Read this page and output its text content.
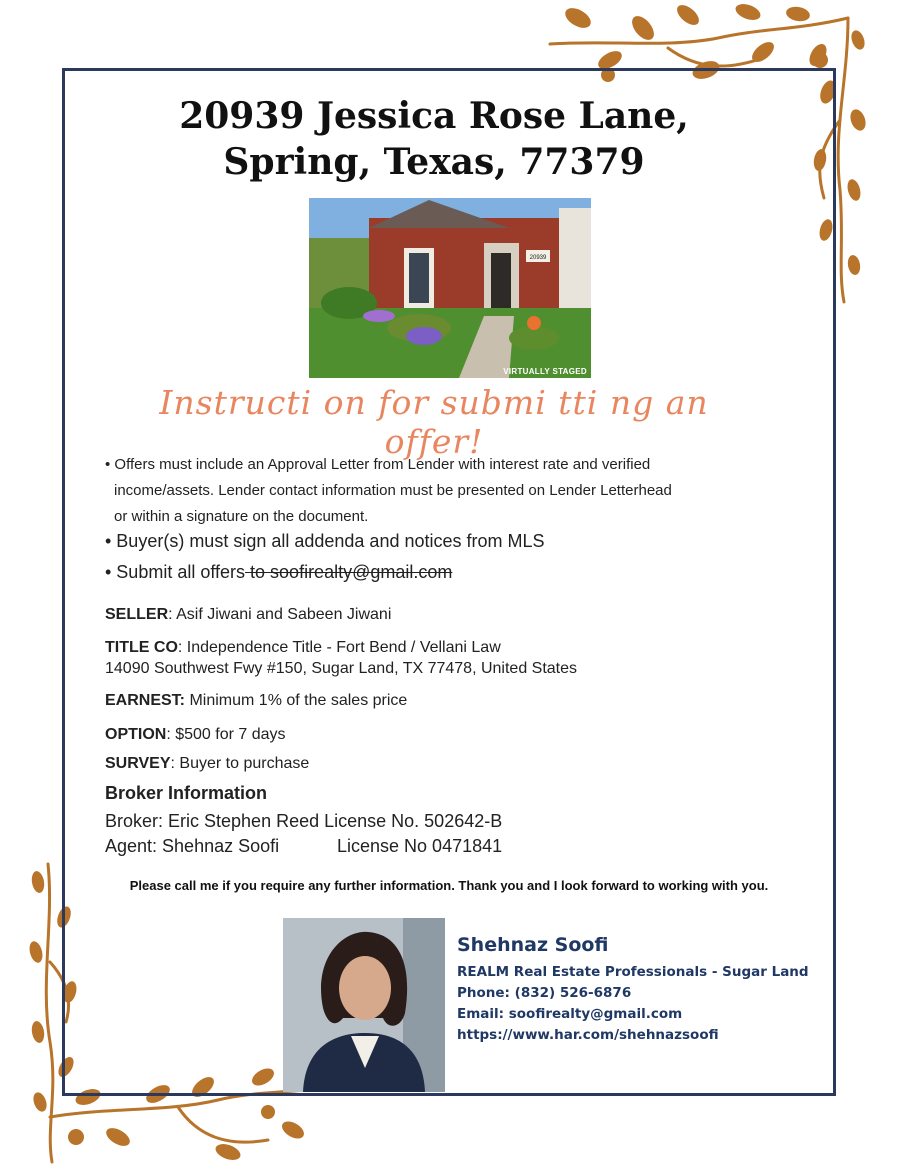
20939 Jessica Rose Lane,
Spring, Texas, 77379
20939
VIRTUALLY STAGED
Instructi on for submi tti ng an offer!
• Offers must include an Approval Letter from Lender with interest rate and verified
income/assets. Lender contact information must be presented on Lender Letterhead
or within a signature on the document.
• Buyer(s) must sign all addenda and notices from MLS
• Submit all offers to soofirealty@gmail.com
SELLER: Asif Jiwani and Sabeen Jiwani
TITLE CO: Independence Title - Fort Bend / Vellani Law
14090 Southwest Fwy #150, Sugar Land, TX 77478, United States
EARNEST: Minimum 1% of the sales price
OPTION: $500 for 7 days
SURVEY: Buyer to purchase
Broker Information
Broker: Eric Stephen Reed License No. 502642-B
Agent: Shehnaz Soofi	License No 0471841
Please call me if you require any further information. Thank you and I look forward to working with you.
Shehnaz Soofi
REALM Real Estate Professionals - Sugar Land
Phone: (832) 526-6876
Email: soofirealty@gmail.com
https://www.har.com/shehnazsoofi
